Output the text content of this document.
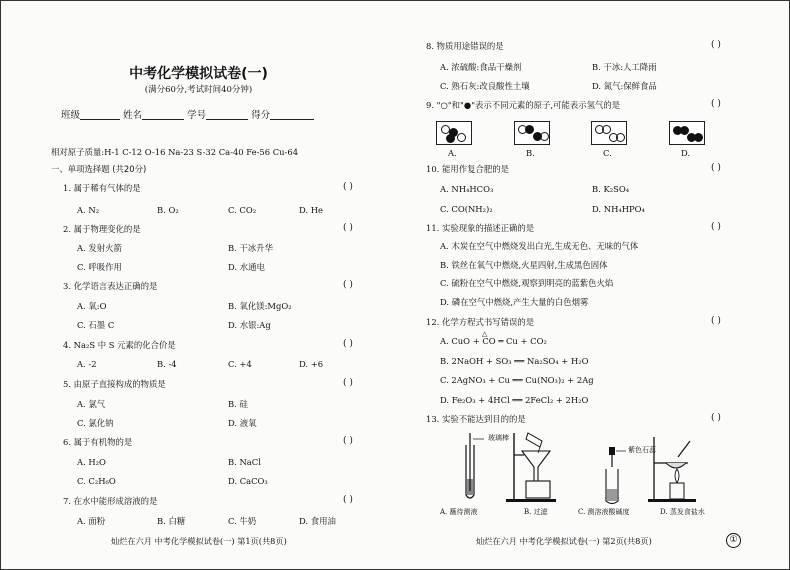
中考化学模拟试卷(一)
(满分60分,考试时间40分钟)
班级	姓名	学号	得分
相对原子质量:H-1 C-12 O-16 Na-23 S-32 Ca-40 Fe-56 Cu-64
一、单项选择题 (共20分)
1. 属于稀有气体的是	( )
A. N₂	B. O₂	C. CO₂	D. He
2. 属于物理变化的是	( )
A. 发射火箭	B. 干冰升华
C. 呼吸作用	D. 水通电
3. 化学语言表达正确的是	( )
A. 氧:O	B. 氧化镁:MgO₂
C. 石墨 C	D. 水银:Ag
4. Na₂S 中 S 元素的化合价是	( )
A. -2	B. -4	C. +4	D. +6
5. 由原子直接构成的物质是	( )
A. 氯气	B. 硅
C. 氯化钠	D. 液氧
6. 属于有机物的是	( )
A. H₂O	B. NaCl
C. C₂H₆O	D. CaCO₃
7. 在水中能形成溶液的是	( )
A. 面粉	B. 白糖	C. 牛奶	D. 食用油
灿烂在六月 中考化学模拟试卷(一) 第1页(共8页)
8. 物质用途错误的是	( )
A. 浓硫酸:食品干燥剂	B. 干冰:人工降雨
C. 熟石灰:改良酸性土壤	D. 氮气:保鲜食品
9. "○"和"●"表示不同元素的原子,可能表示氢气的是	( )
A.	B.	C.	D.
10. 能用作复合肥的是	( )
A. NH₄HCO₃	B. K₂SO₄
C. CO(NH₂)₂	D. NH₄HPO₄
11. 实验现象的描述正确的是	( )
A. 木炭在空气中燃烧发出白光,生成无色、无味的气体
B. 铁丝在氧气中燃烧,火星四射,生成黑色固体
C. 硫粉在空气中燃烧,观察到明亮的蓝紫色火焰
D. 磷在空气中燃烧,产生大量的白色烟雾
12. 化学方程式书写错误的是	( )
△
A. CuO + CO ═ Cu + CO₂
B. 2NaOH + SO₃ ══ Na₂SO₄ + H₂O
C. 2AgNO₃ + Cu ══ Cu(NO₃)₂ + 2Ag
D. Fe₂O₃ + 4HCl ══ 2FeCl₂ + 2H₂O
13. 实验不能达到目的的是	( )
玻璃棒
紫色石蕊
A. 蘸待测液	B. 过滤	C. 测溶液酸碱度	D. 蒸发食盐水
灿烂在六月 中考化学模拟试卷(一) 第2页(共8页)	①
